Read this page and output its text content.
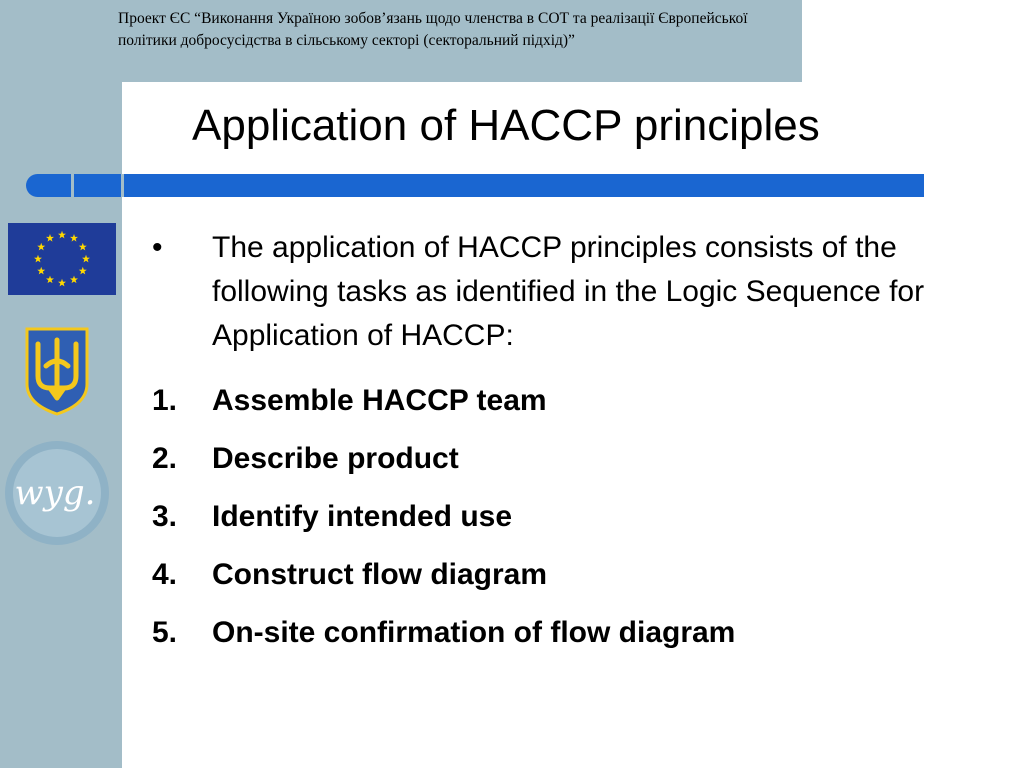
Проект ЄС “Виконання Україною зобов’язань щодо членства в СОТ та реалізації Європейської політики добросусідства в сільському секторі (секторальний підхід)”
Application of HACCP principles
wyg.
•	The application of HACCP principles consists of the following tasks as identified in the Logic Sequence for Application of HACCP:
1.	Assemble HACCP team
2.	Describe product
3.	Identify intended use
4.	Construct flow diagram
5.	On-site confirmation of flow diagram
